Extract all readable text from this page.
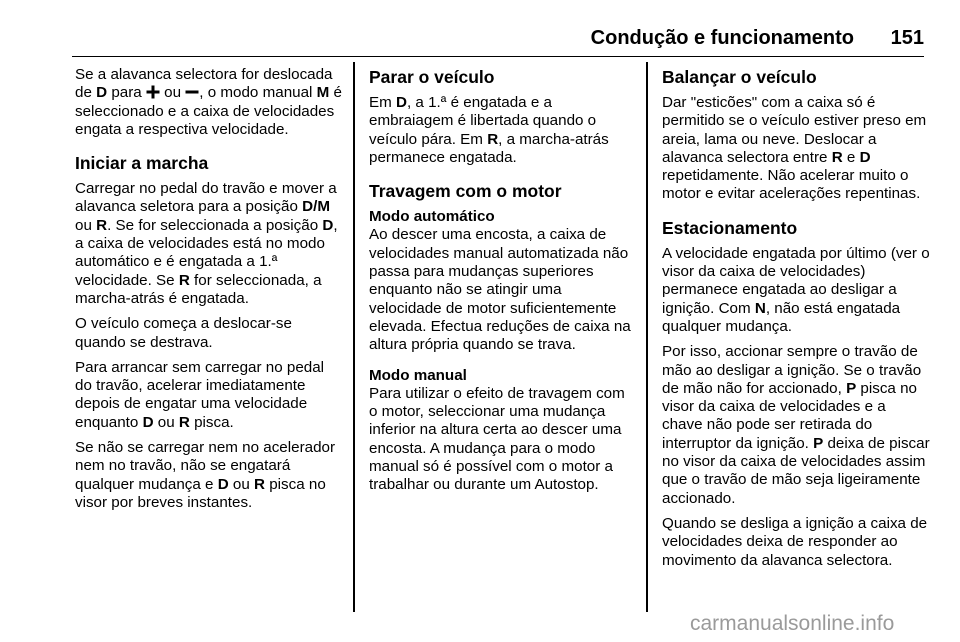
Condução e funcionamento 151

Se a alavanca selectora for deslocada de D para  ou , o modo manual M é seleccionado e a caixa de velocidades engata a respectiva velocidade.

Iniciar a marcha

Carregar no pedal do travão e mover a alavanca seletora para a posição D/M ou R. Se for seleccionada a posição D, a caixa de velocidades está no modo automático e é engatada a 1.ª velocidade. Se R for seleccionada, a marcha-atrás é engatada.

O veículo começa a deslocar-se quando se destrava.

Para arrancar sem carregar no pedal do travão, acelerar imediatamente depois de engatar uma velocidade enquanto D ou R pisca.

Se não se carregar nem no acelerador nem no travão, não se engatará qualquer mudança e D ou R pisca no visor por breves instantes.

Parar o veículo

Em D, a 1.ª é engatada e a embraiagem é libertada quando o veículo pára. Em R, a marcha-atrás permanece engatada.

Travagem com o motor
Modo automático

Ao descer uma encosta, a caixa de velocidades manual automatizada não passa para mudanças superiores enquanto não se atingir uma velocidade de motor suficientemente elevada. Efectua reduções de caixa na altura própria quando se trava.

Modo manual

Para utilizar o efeito de travagem com o motor, seleccionar uma mudança inferior na altura certa ao descer uma encosta. A mudança para o modo manual só é possível com o motor a trabalhar ou durante um Autostop.

Balançar o veículo

Dar "esticões" com a caixa só é permitido se o veículo estiver preso em areia, lama ou neve. Deslocar a alavanca selectora entre R e D repetidamente. Não acelerar muito o motor e evitar acelerações repentinas.

Estacionamento

A velocidade engatada por último (ver o visor da caixa de velocidades) permanece engatada ao desligar a ignição. Com N, não está engatada qualquer mudança.

Por isso, accionar sempre o travão de mão ao desligar a ignição. Se o travão de mão não for accionado, P pisca no visor da caixa de velocidades e a chave não pode ser retirada do interruptor da ignição. P deixa de piscar no visor da caixa de velocidades assim que o travão de mão seja ligeiramente accionado.

Quando se desliga a ignição a caixa de velocidades deixa de responder ao movimento da alavanca selectora.

carmanualsonline.info
